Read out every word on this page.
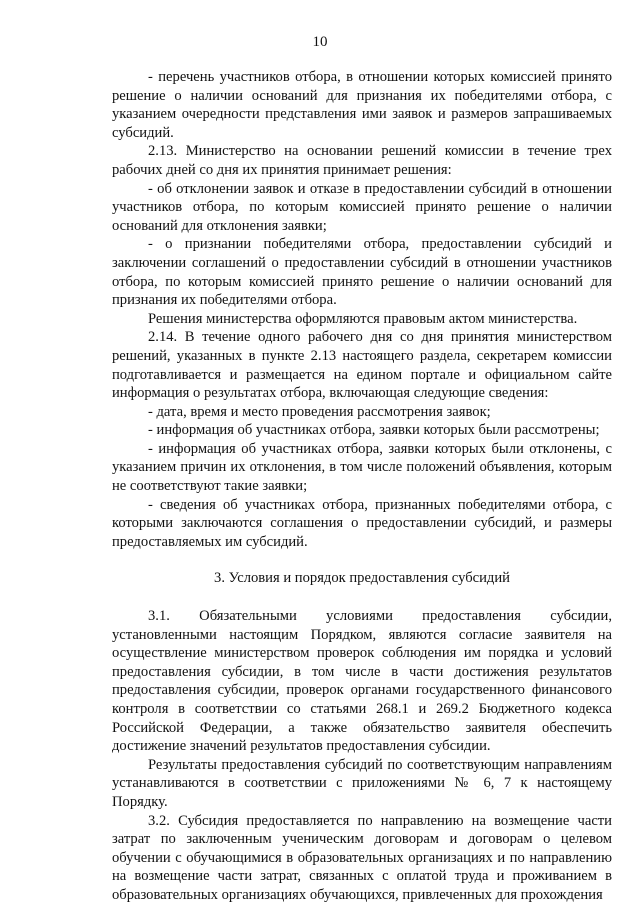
10

- перечень участников отбора, в отношении которых комиссией принято решение о наличии оснований для признания их победителями отбора, с указанием очередности представления ими заявок и размеров запрашиваемых субсидий.

2.13. Министерство на основании решений комиссии в течение трех рабочих дней со дня их принятия принимает решения:

- об отклонении заявок и отказе в предоставлении субсидий в отношении участников отбора, по которым комиссией принято решение о наличии оснований для отклонения заявки;

- о признании победителями отбора, предоставлении субсидий и заключении соглашений о предоставлении субсидий в отношении участников отбора, по которым комиссией принято решение о наличии оснований для признания их победителями отбора.

Решения министерства оформляются правовым актом министерства.

2.14. В течение одного рабочего дня со дня принятия министерством решений, указанных в пункте 2.13 настоящего раздела, секретарем комиссии подготавливается и размещается на едином портале и официальном сайте информация о результатах отбора, включающая следующие сведения:

- дата, время и место проведения рассмотрения заявок;

- информация об участниках отбора, заявки которых были рассмотрены;

- информация об участниках отбора, заявки которых были отклонены, с указанием причин их отклонения, в том числе положений объявления, которым не соответствуют такие заявки;

- сведения об участниках отбора, признанных победителями отбора, с которыми заключаются соглашения о предоставлении субсидий, и размеры предоставляемых им субсидий.

3. Условия и порядок предоставления субсидий

3.1. Обязательными условиями предоставления субсидии, установленными настоящим Порядком, являются согласие заявителя на осуществление министерством проверок соблюдения им порядка и условий предоставления субсидии, в том числе в части достижения результатов предоставления субсидии, проверок органами государственного финансового контроля в соответствии со статьями 268.1 и 269.2 Бюджетного кодекса Российской Федерации, а также обязательство заявителя обеспечить достижение значений результатов предоставления субсидии.

Результаты предоставления субсидий по соответствующим направлениям устанавливаются в соответствии с приложениями № 6, 7 к настоящему Порядку.

3.2. Субсидия предоставляется по направлению на возмещение части затрат по заключенным ученическим договорам и договорам о целевом обучении с обучающимися в образовательных организациях и по направлению на возмещение части затрат, связанных с оплатой труда и проживанием в образовательных организациях обучающихся, привлеченных для прохождения
